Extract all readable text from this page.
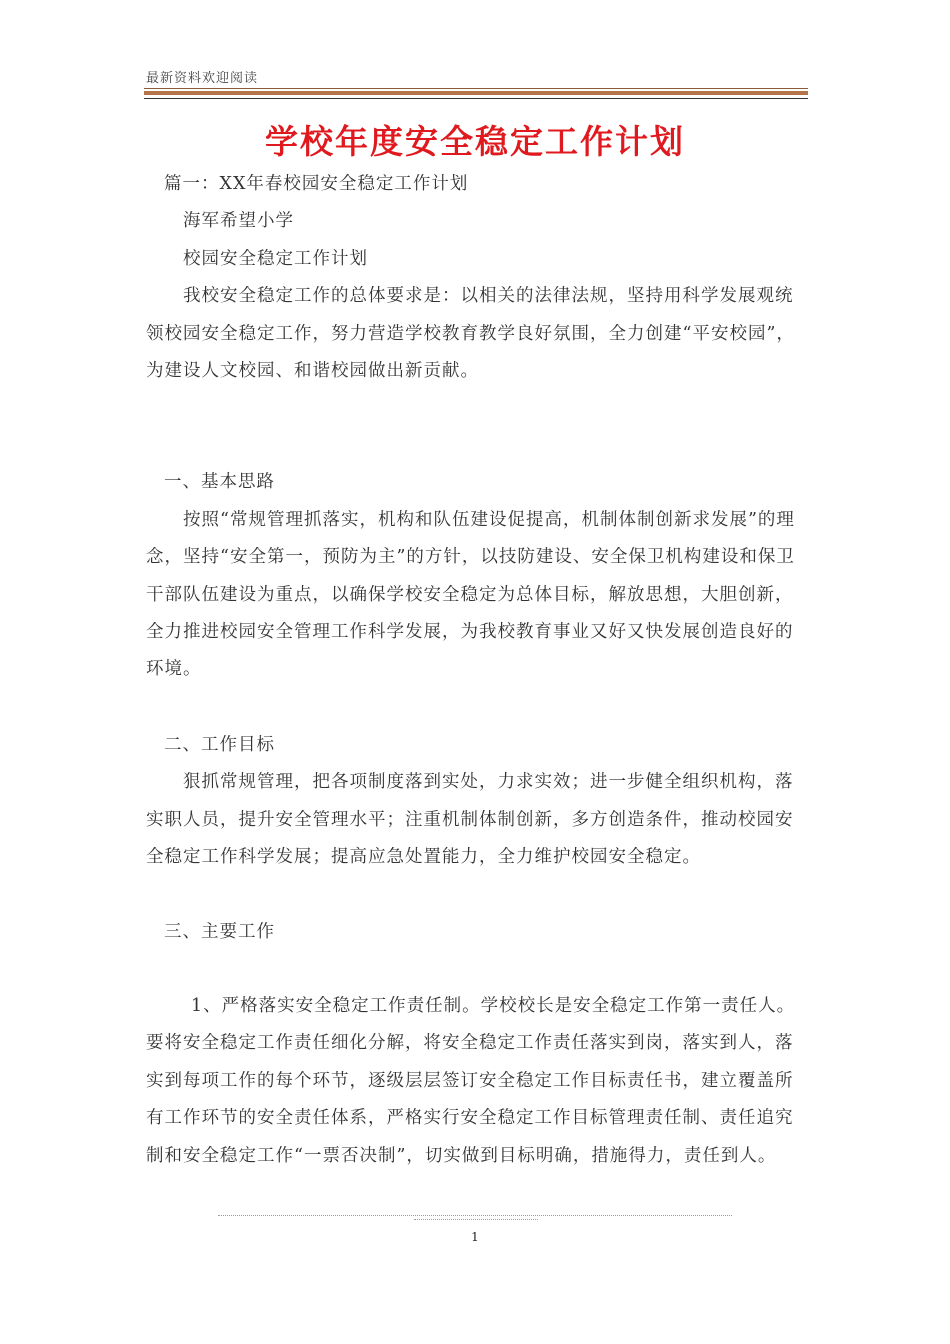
最新资料欢迎阅读
学校年度安全稳定工作计划

篇一：XX年春校园安全稳定工作计划

海军希望小学

校园安全稳定工作计划

我校安全稳定工作的总体要求是：以相关的法律法规，坚持用科学发展观统领校园安全稳定工作，努力营造学校教育教学良好氛围，全力创建“平安校园”，为建设人文校园、和谐校园做出新贡献。

一、基本思路

按照“常规管理抓落实，机构和队伍建设促提高，机制体制创新求发展”的理念，坚持“安全第一，预防为主”的方针，以技防建设、安全保卫机构建设和保卫干部队伍建设为重点，以确保学校安全稳定为总体目标，解放思想，大胆创新，全力推进校园安全管理工作科学发展，为我校教育事业又好又快发展创造良好的环境。

二、工作目标

狠抓常规管理，把各项制度落到实处，力求实效；进一步健全组织机构，落实职人员，提升安全管理水平；注重机制体制创新，多方创造条件，推动校园安全稳定工作科学发展；提高应急处置能力，全力维护校园安全稳定。

三、主要工作

1、严格落实安全稳定工作责任制。学校校长是安全稳定工作第一责任人。要将安全稳定工作责任细化分解，将安全稳定工作责任落实到岗，落实到人，落实到每项工作的每个环节，逐级层层签订安全稳定工作目标责任书，建立覆盖所有工作环节的安全责任体系，严格实行安全稳定工作目标管理责任制、责任追究制和安全稳定工作“一票否决制”，切实做到目标明确，措施得力，责任到人。

1
